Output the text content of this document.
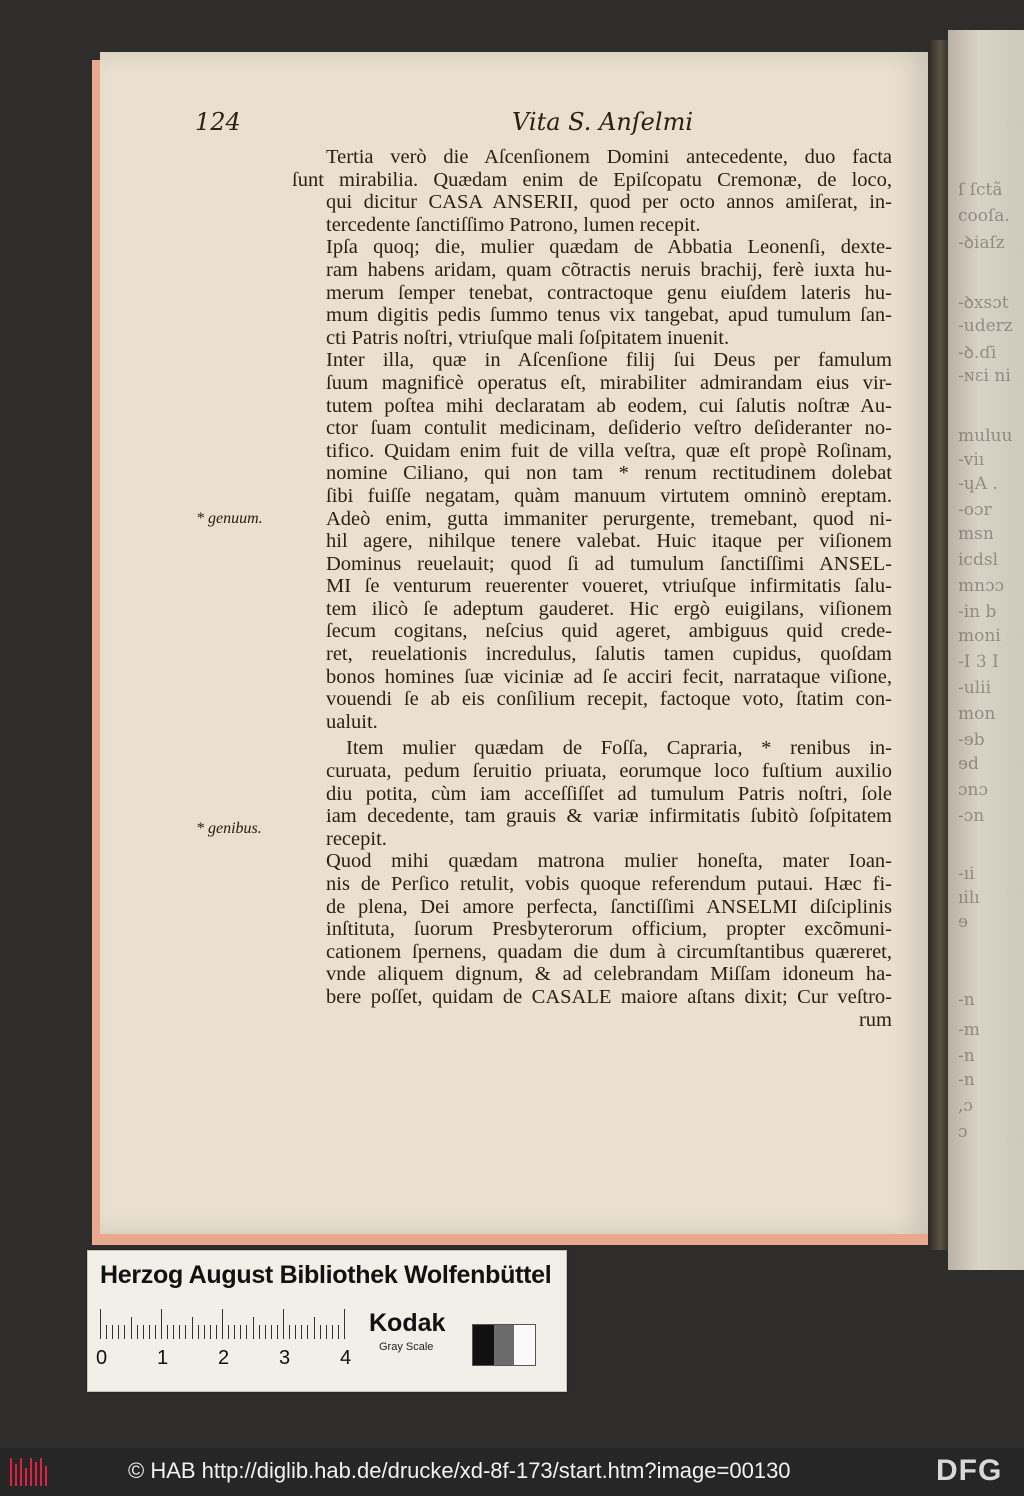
ſ ſctã
cooſa.
-ꝺiaſz
-ꝺxsɔt
-uderz
-ꝺ.ɗi
-ɴɛi ni
muluu
-viı
-ɥA .
-oɔr
msn
icdsl
mnɔɔ
-in b
moni
-I 3 I
-ulii
mon
-ɘb
ɘd
ɔnɔ
-ɔn
-ıi
ıilı
ɘ
-n
-m
-n
-n
,ɔ
ɔ
124	Vita S. Anſelmi
* genuum.
* genibus.

Tertia verò die Aſcenſionem Domini antecedente, duo facta
ſunt mirabilia. Quædam enim de Epiſcopatu Cremonæ, de loco,
qui dicitur CASA ANSERII, quod per octo annos amiſerat, in-
tercedente ſanctiſſimo Patrono, lumen recepit.

Ipſa quoq; die, mulier quædam de Abbatia Leonenſi, dexte-
ram habens aridam, quam cõtractis neruis brachij, ferè iuxta hu-
merum ſemper tenebat, contractoque genu eiuſdem lateris hu-
mum digitis pedis ſummo tenus vix tangebat, apud tumulum ſan-
cti Patris noſtri, vtriuſque mali ſoſpitatem inuenit.

Inter illa, quæ in Aſcenſione filij ſui Deus per famulum
ſuum magnificè operatus eſt, mirabiliter admirandam eius vir-
tutem poſtea mihi declaratam ab eodem, cui ſalutis noſtræ Au-
ctor ſuam contulit medicinam, deſiderio veſtro deſideranter no-
tifico. Quidam enim fuit de villa veſtra, quæ eſt propè Roſinam,
nomine Ciliano, qui non tam * renum rectitudinem dolebat
ſibi fuiſſe negatam, quàm manuum virtutem omninò ereptam.
Adeò enim, gutta immaniter perurgente, tremebant, quod ni-
hil agere, nihilque tenere valebat. Huic itaque per viſionem
Dominus reuelauit; quod ſi ad tumulum ſanctiſſimi ANSEL-
MI ſe venturum reuerenter voueret, vtriuſque infirmitatis ſalu-
tem ilicò ſe adeptum gauderet. Hic ergò euigilans, viſionem
ſecum cogitans, neſcius quid ageret, ambiguus quid crede-
ret, reuelationis incredulus, ſalutis tamen cupidus, quoſdam
bonos homines ſuæ viciniæ ad ſe acciri fecit, narrataque viſione,
vouendi ſe ab eis conſilium recepit, factoque voto, ſtatim con-
ualuit.

Item mulier quædam de Foſſa, Capraria, * renibus in-
curuata, pedum ſeruitio priuata, eorumque loco fuſtium auxilio
diu potita, cùm iam acceſſiſſet ad tumulum Patris noſtri, ſole
iam decedente, tam grauis & variæ infirmitatis ſubitò ſoſpitatem
recepit.

Quod mihi quædam matrona mulier honeſta, mater Ioan-
nis de Perſico retulit, vobis quoque referendum putaui. Hæc fi-
de plena, Dei amore perfecta, ſanctiſſimi ANSELMI diſciplinis
inſtituta, ſuorum Presbyterorum officium, propter excõmuni-
cationem ſpernens, quadam die dum à circumſtantibus quæreret,
vnde aliquem dignum, & ad celebrandam Miſſam idoneum ha-
bere poſſet, quidam de CASALE maiore aſtans dixit; Cur veſtro-
rum

Herzog August Bibliothek Wolfenbüttel
0 1 2 3 4
Kodak
Gray Scale
© HAB http://diglib.hab.de/drucke/xd-8f-173/start.htm?image=00130	DFG
